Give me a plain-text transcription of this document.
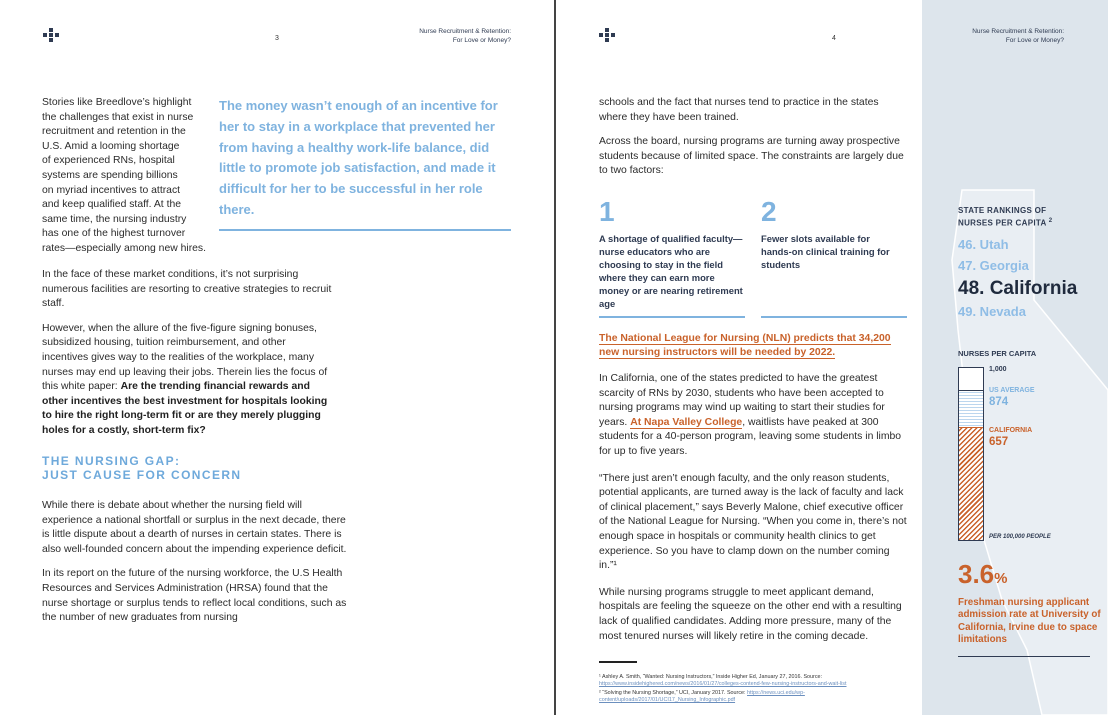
3
Nurse Recruitment & Retention:
For Love or Money?
Stories like Breedlove’s highlight
the challenges that exist in nurse
recruitment and retention in the
U.S. Amid a looming shortage
of experienced RNs, hospital
systems are spending billions
on myriad incentives to attract
and keep qualified staff. At the
same time, the nursing industry
has one of the highest turnover
rates—especially among new hires.
The money wasn’t enough of an incentive for her to stay in a workplace that prevented her from having a healthy work-life balance, did little to promote job satisfaction, and made it difficult for her to be successful in her role there.

In the face of these market conditions, it’s not surprising numerous facilities are resorting to creative strategies to recruit staff.

However, when the allure of the five-figure signing bonuses, subsidized housing, tuition reimbursement, and other incentives gives way to the realities of the workplace, many nurses may end up leaving their jobs. Therein lies the focus of this white paper: Are the trending financial rewards and other incentives the best investment for hospitals looking to hire the right long-term fit or are they merely plugging holes for a costly, short-term fix?

THE NURSING GAP:
JUST CAUSE FOR CONCERN

While there is debate about whether the nursing field will experience a national shortfall or surplus in the next decade, there is little dispute about a dearth of nurses in certain states. There is also well-founded concern about the impending experience deficit.

In its report on the future of the nursing workforce, the U.S Health Resources and Services Administration (HRSA) found that the nurse shortage or surplus tends to reflect local conditions, such as the number of new graduates from nursing

4

schools and the fact that nurses tend to practice in the states where they have been trained.

Across the board, nursing programs are turning away prospective students because of limited space. The constraints are largely due to two factors:

1
A shortage of qualified faculty—nurse educators who are choosing to stay in the field where they can earn more money or are nearing retirement age
2
Fewer slots available for hands-on clinical training for students
The National League for Nursing (NLN) predicts that 34,200 new nursing instructors will be needed by 2022.

In California, one of the states predicted to have the greatest scarcity of RNs by 2030, students who have been accepted to nursing programs may wind up waiting to start their studies for years. At Napa Valley College, waitlists have peaked at 300 students for a 40-person program, leaving some students in limbo for up to five years.

“There just aren’t enough faculty, and the only reason students, potential applicants, are turned away is the lack of faculty and lack of clinical placement,” says Beverly Malone, chief executive officer of the National League for Nursing. “When you come in, there’s not enough space in hospitals or community health clinics to get experience. So you have to clamp down on the number coming in.”¹

While nursing programs struggle to meet applicant demand, hospitals are feeling the squeeze on the other end with a resulting lack of qualified candidates. Adding more pressure, many of the most tenured nurses will likely retire in the coming decade.

¹ Ashley A. Smith, “Wanted: Nursing Instructors,” Inside Higher Ed, January 27, 2016. Source: https://www.insidehighered.com/news/2016/01/27/colleges-contend-few-nursing-instructors-and-wait-list
² “Solving the Nursing Shortage,” UCI, January 2017. Source: https://news.uci.edu/wp-content/uploads/2017/01/UCI17_Nursing_Infographic.pdf
Nurse Recruitment & Retention:
For Love or Money?
STATE RANKINGS OF
NURSES PER CAPITA $^2$
46. Utah
47. Georgia
48. California
49. Nevada
NURSES PER CAPITA
1,000
US AVERAGE
874
CALIFORNIA
657
PER 100,000 PEOPLE
3.6%
Freshman nursing applicant admission rate at University of California, Irvine due to space limitations
